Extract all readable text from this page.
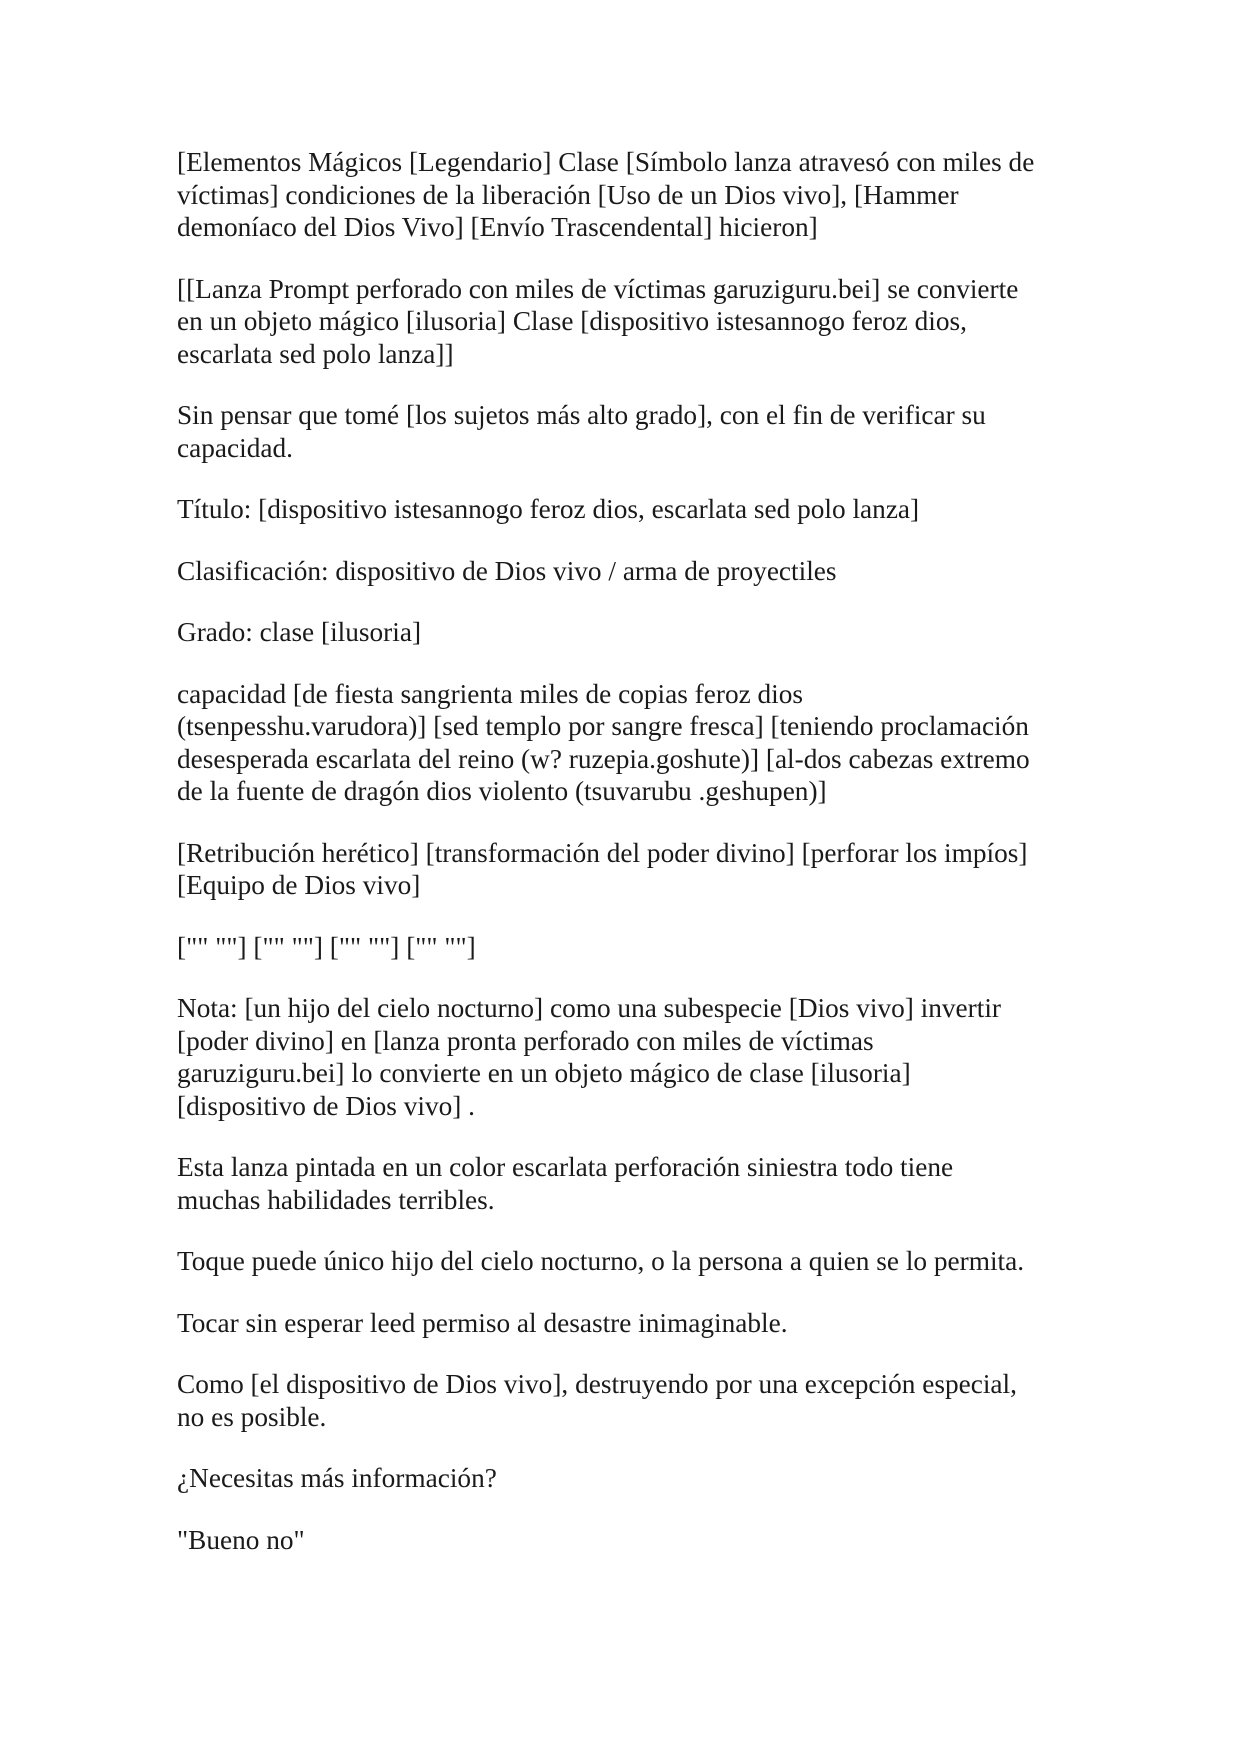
[Elementos Mágicos [Legendario] Clase [Símbolo lanza atravesó con miles de
víctimas] condiciones de la liberación [Uso de un Dios vivo], [Hammer
demoníaco del Dios Vivo] [Envío Trascendental] hicieron]

[[Lanza Prompt perforado con miles de víctimas garuziguru.bei] se convierte
en un objeto mágico [ilusoria] Clase [dispositivo istesannogo feroz dios,
escarlata sed polo lanza]]

Sin pensar que tomé [los sujetos más alto grado], con el fin de verificar su
capacidad.

Título: [dispositivo istesannogo feroz dios, escarlata sed polo lanza]

Clasificación: dispositivo de Dios vivo / arma de proyectiles

Grado: clase [ilusoria]

capacidad [de fiesta sangrienta miles de copias feroz dios
(tsenpesshu.varudora)] [sed templo por sangre fresca] [teniendo proclamación
desesperada escarlata del reino (w? ruzepia.goshute)] [al-dos cabezas extremo
de la fuente de dragón dios violento (tsuvarubu .geshupen)]

[Retribución herético] [transformación del poder divino] [perforar los impíos]
[Equipo de Dios vivo]

["" ""] ["" ""] ["" ""] ["" ""]

Nota: [un hijo del cielo nocturno] como una subespecie [Dios vivo] invertir
[poder divino] en [lanza pronta perforado con miles de víctimas
garuziguru.bei] lo convierte en un objeto mágico de clase [ilusoria]
[dispositivo de Dios vivo] .

Esta lanza pintada en un color escarlata perforación siniestra todo tiene
muchas habilidades terribles.

Toque puede único hijo del cielo nocturno, o la persona a quien se lo permita.

Tocar sin esperar leed permiso al desastre inimaginable.

Como [el dispositivo de Dios vivo], destruyendo por una excepción especial,
no es posible.

¿Necesitas más información?

"Bueno no"
